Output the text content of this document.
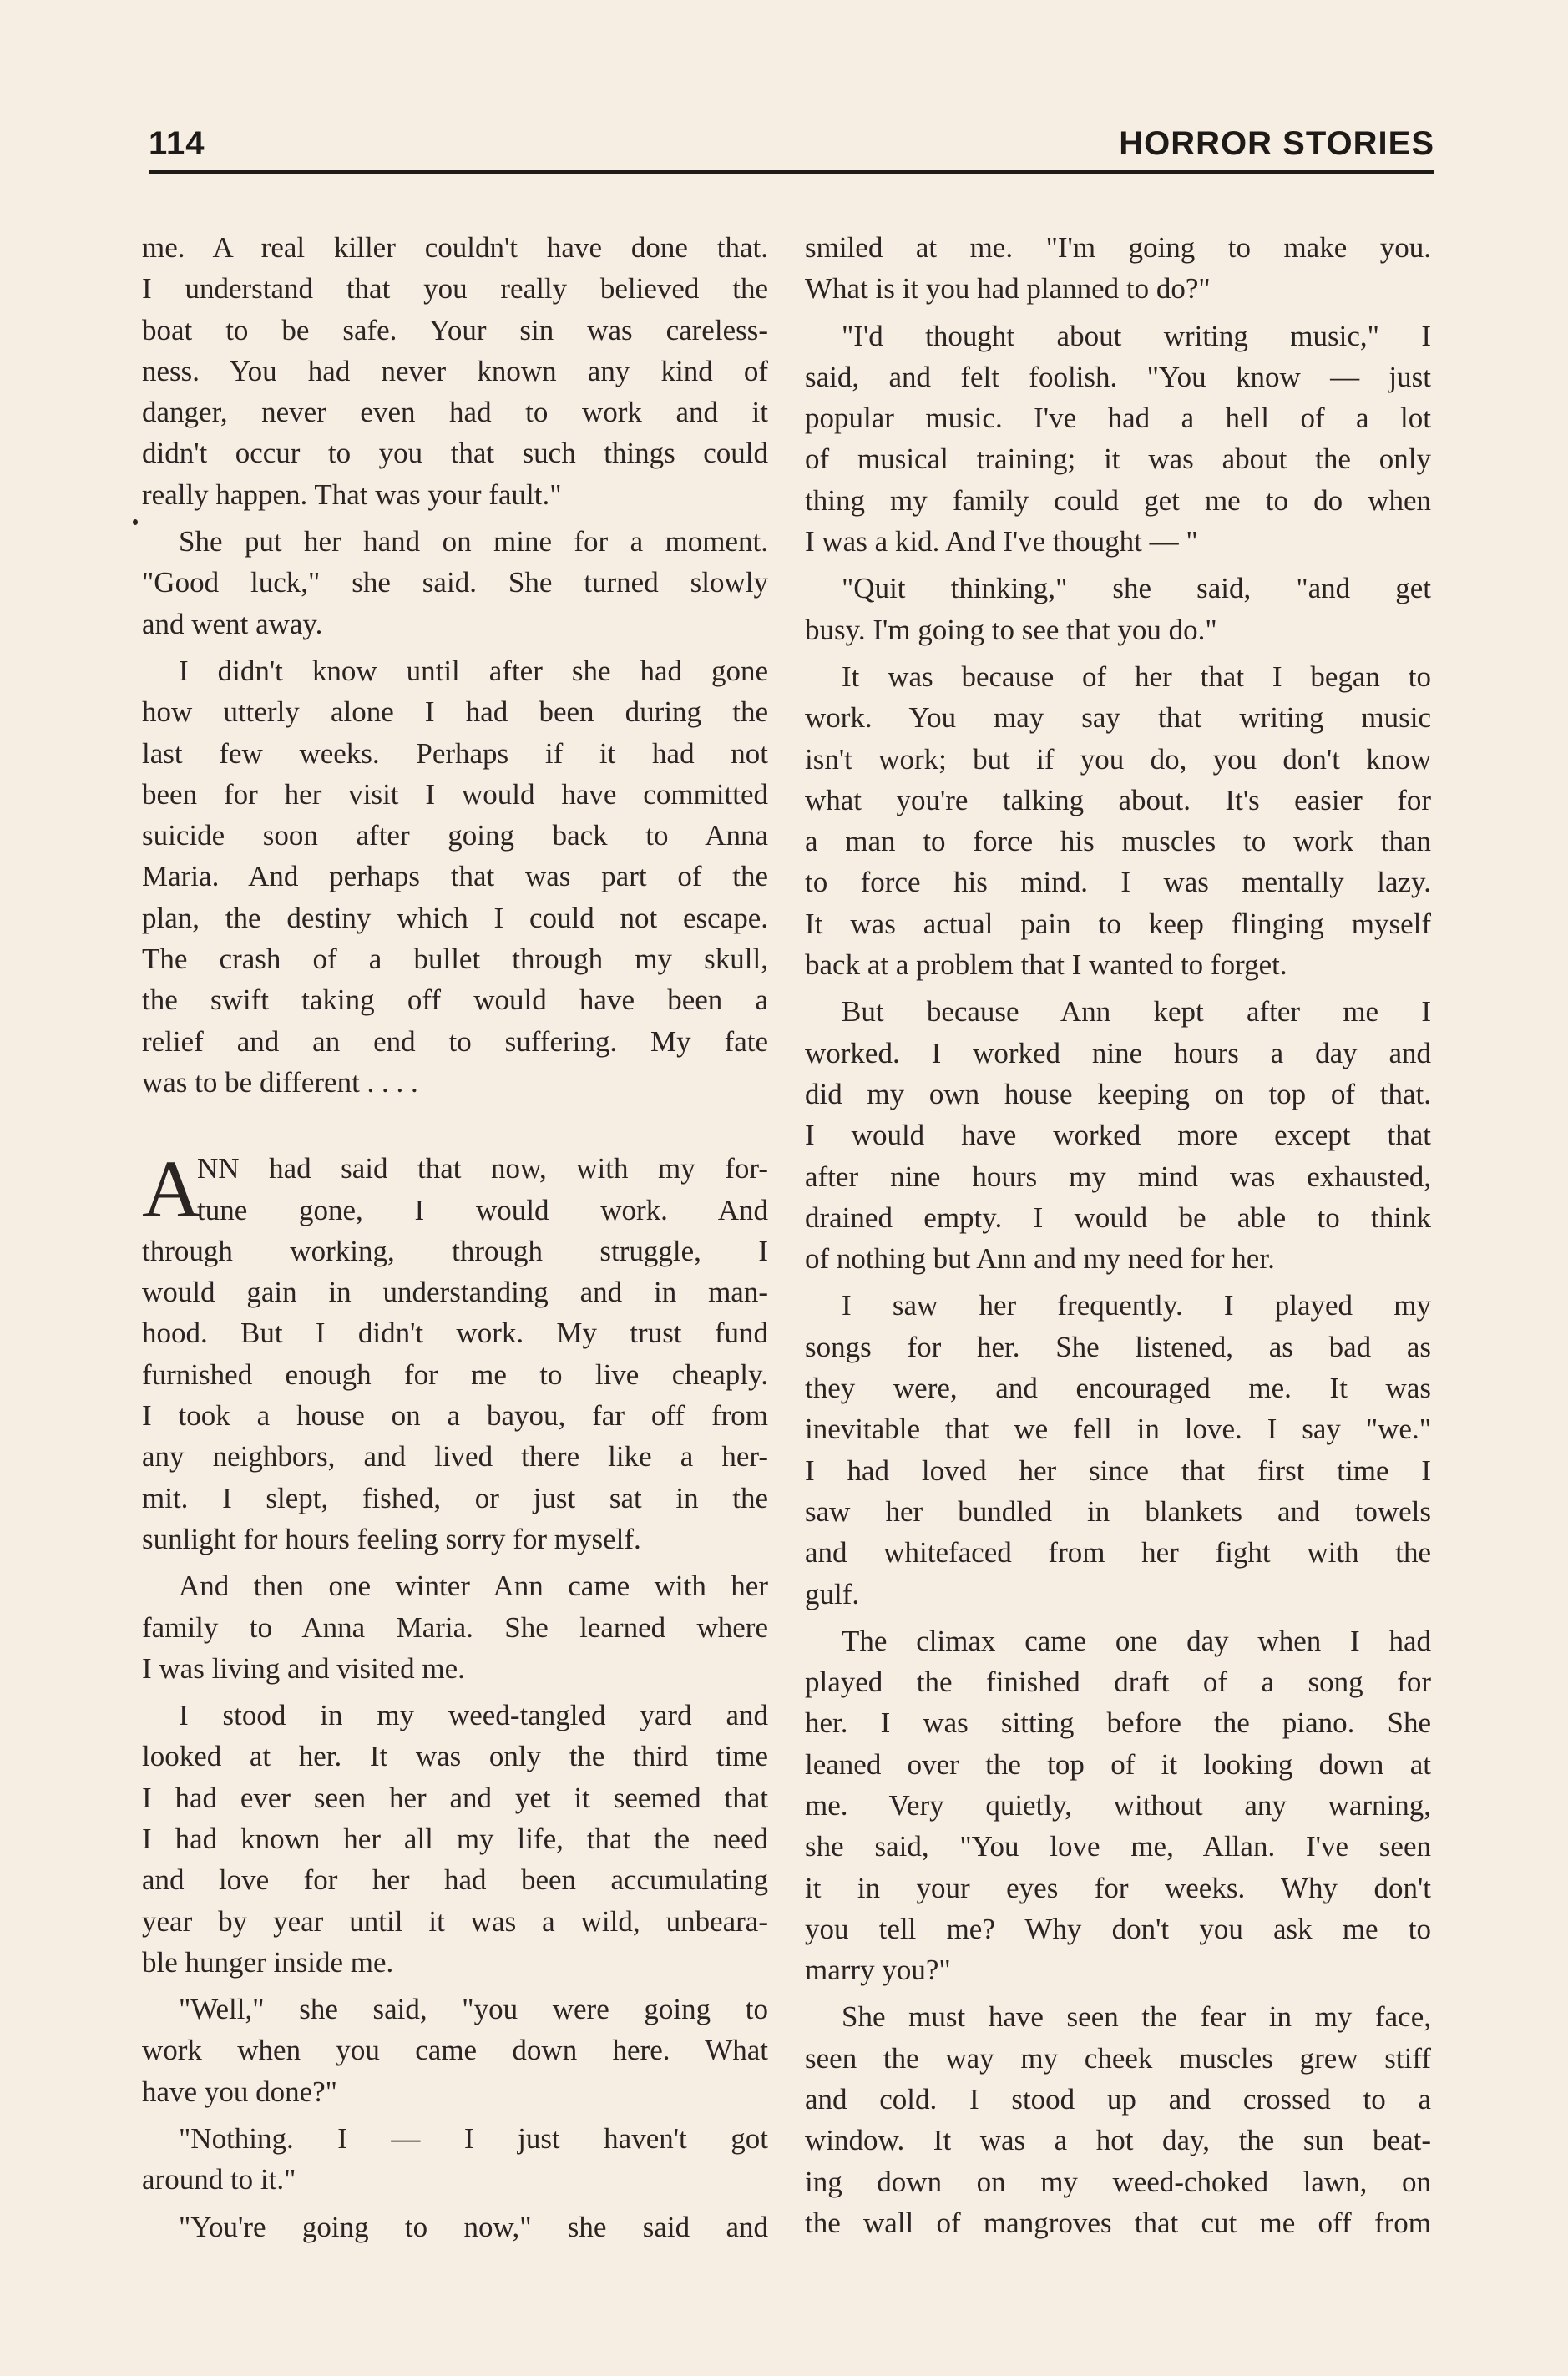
114	HORROR STORIES
me. A real killer couldn't have done that.
I understand that you really believed the
boat to be safe. Your sin was careless-
ness. You had never known any kind of
danger, never even had to work and it
didn't occur to you that such things could
really happen. That was your fault."
She put her hand on mine for a moment.
"Good luck," she said. She turned slowly
and went away.
I didn't know until after she had gone
how utterly alone I had been during the
last few weeks. Perhaps if it had not
been for her visit I would have committed
suicide soon after going back to Anna
Maria. And perhaps that was part of the
plan, the destiny which I could not escape.
The crash of a bullet through my skull,
the swift taking off would have been a
relief and an end to suffering. My fate
was to be different . . . .
A
NN had said that now, with my for-
tune gone, I would work. And
through working, through struggle, I
would gain in understanding and in man-
hood. But I didn't work. My trust fund
furnished enough for me to live cheaply.
I took a house on a bayou, far off from
any neighbors, and lived there like a her-
mit. I slept, fished, or just sat in the
sunlight for hours feeling sorry for myself.
And then one winter Ann came with her
family to Anna Maria. She learned where
I was living and visited me.
I stood in my weed-tangled yard and
looked at her. It was only the third time
I had ever seen her and yet it seemed that
I had known her all my life, that the need
and love for her had been accumulating
year by year until it was a wild, unbeara-
ble hunger inside me.
"Well," she said, "you were going to
work when you came down here. What
have you done?"
"Nothing. I — I just haven't got
around to it."
"You're going to now," she said and
smiled at me. "I'm going to make you.
What is it you had planned to do?"
"I'd thought about writing music," I
said, and felt foolish. "You know — just
popular music. I've had a hell of a lot
of musical training; it was about the only
thing my family could get me to do when
I was a kid. And I've thought — "
"Quit thinking," she said, "and get
busy. I'm going to see that you do."
It was because of her that I began to
work. You may say that writing music
isn't work; but if you do, you don't know
what you're talking about. It's easier for
a man to force his muscles to work than
to force his mind. I was mentally lazy.
It was actual pain to keep flinging myself
back at a problem that I wanted to forget.
But because Ann kept after me I
worked. I worked nine hours a day and
did my own house keeping on top of that.
I would have worked more except that
after nine hours my mind was exhausted,
drained empty. I would be able to think
of nothing but Ann and my need for her.
I saw her frequently. I played my
songs for her. She listened, as bad as
they were, and encouraged me. It was
inevitable that we fell in love. I say "we."
I had loved her since that first time I
saw her bundled in blankets and towels
and whitefaced from her fight with the
gulf.
The climax came one day when I had
played the finished draft of a song for
her. I was sitting before the piano. She
leaned over the top of it looking down at
me. Very quietly, without any warning,
she said, "You love me, Allan. I've seen
it in your eyes for weeks. Why don't
you tell me? Why don't you ask me to
marry you?"
She must have seen the fear in my face,
seen the way my cheek muscles grew stiff
and cold. I stood up and crossed to a
window. It was a hot day, the sun beat-
ing down on my weed-choked lawn, on
the wall of mangroves that cut me off from
